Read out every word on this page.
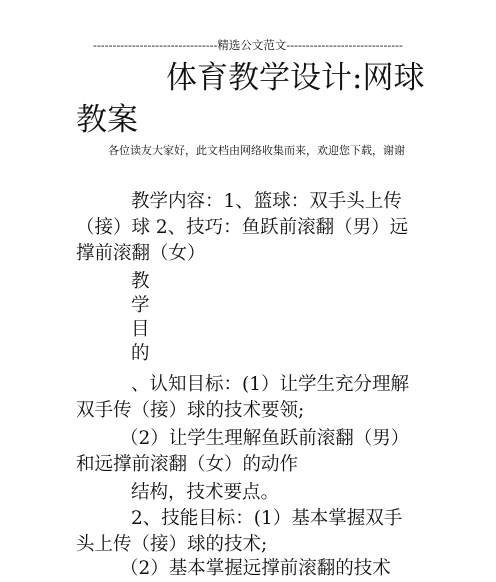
--------------------------------精选公文范文------------------------------
体育教学设计:网球
教案
各位读友大家好，此文档由网络收集而来，欢迎您下载，谢谢
教学内容：1、篮球：双手头上传
（接）球 2、技巧：鱼跃前滚翻（男）远
撑前滚翻（女）
教
学
目
的
、认知目标：(1）让学生充分理解
双手传（接）球的技术要领;
（2）让学生理解鱼跃前滚翻（男）
和远撑前滚翻（女）的动作
结构，技术要点。
2、技能目标：(1）基本掌握双手
头上传（接）球的技术;
（2）基本掌握远撑前滚翻的技术
